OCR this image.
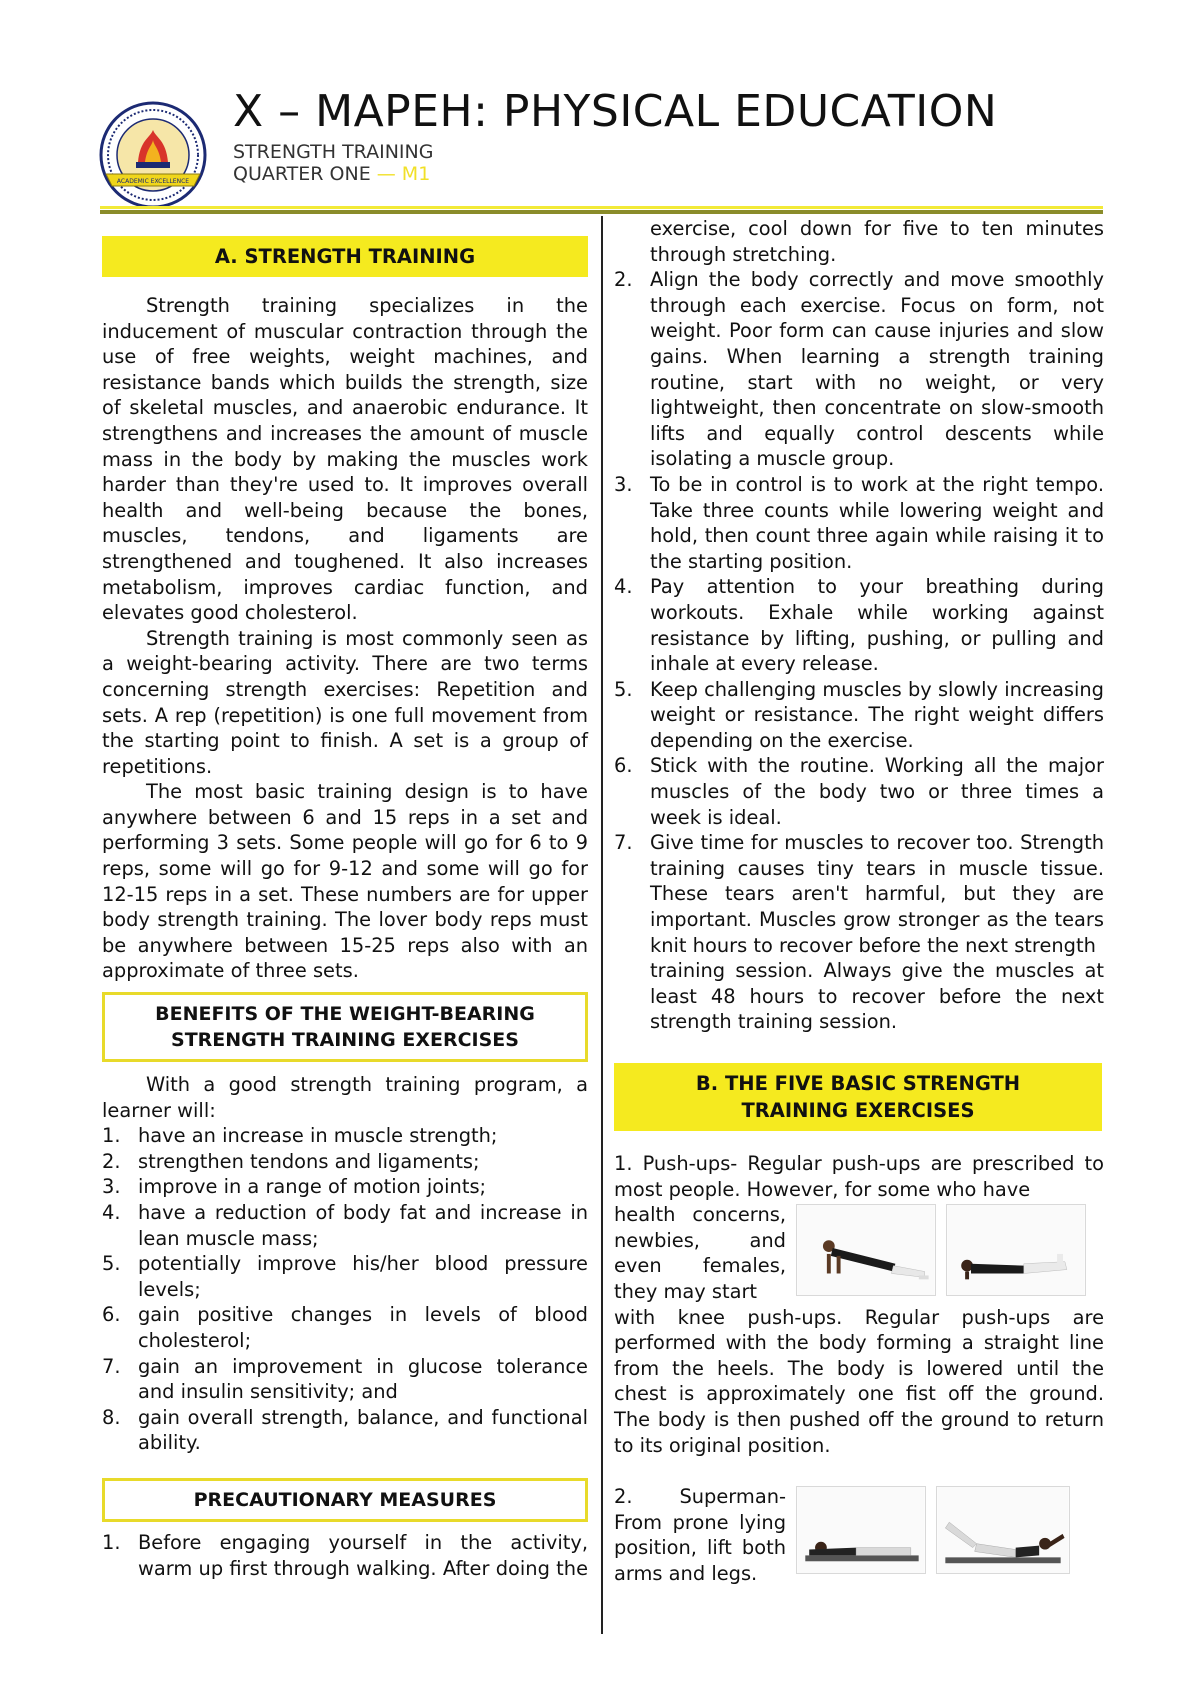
ACADEMIC EXCELLENCE
X – MAPEH: PHYSICAL EDUCATION
STRENGTH TRAINING
QUARTER ONE — M1
A. STRENGTH TRAINING

Strength training specializes in the inducement of muscular contraction through the use of free weights, weight machines, and resistance bands which builds the strength, size of skeletal muscles, and anaerobic endurance. It strengthens and increases the amount of muscle mass in the body by making the muscles work harder than they're used to. It improves overall health and well-being because the bones, muscles, tendons, and ligaments are strengthened and toughened. It also increases metabolism, improves cardiac function, and elevates good cholesterol.

Strength training is most commonly seen as a weight-bearing activity. There are two terms concerning strength exercises: Repetition and sets. A rep (repetition) is one full movement from the starting point to finish. A set is a group of repetitions.

The most basic training design is to have anywhere between 6 and 15 reps in a set and performing 3 sets. Some people will go for 6 to 9 reps, some will go for 9-12 and some will go for 12-15 reps in a set. These numbers are for upper body strength training. The lover body reps must be anywhere between 15-25 reps also with an approximate of three sets.

BENEFITS OF THE WEIGHT-BEARING
STRENGTH TRAINING EXERCISES

With a good strength training program, a learner will:

1. have an increase in muscle strength;
2. strengthen tendons and ligaments;
3. improve in a range of motion joints;
4. have a reduction of body fat and increase in lean muscle mass;
5. potentially improve his/her blood pressure levels;
6. gain positive changes in levels of blood cholesterol;
7. gain an improvement in glucose tolerance and insulin sensitivity; and
8. gain overall strength, balance, and functional ability.
PRECAUTIONARY MEASURES
1. Before engaging yourself in the activity, warm up first through walking. After doing the
exercise, cool down for five to ten minutes through stretching.
2. Align the body correctly and move smoothly through each exercise. Focus on form, not weight. Poor form can cause injuries and slow gains. When learning a strength training routine, start with no weight, or very lightweight, then concentrate on slow-smooth lifts and equally control descents while isolating a muscle group.
3. To be in control is to work at the right tempo. Take three counts while lowering weight and hold, then count three again while raising it to the starting position.
4. Pay attention to your breathing during workouts. Exhale while working against resistance by lifting, pushing, or pulling and inhale at every release.
5. Keep challenging muscles by slowly increasing weight or resistance. The right weight differs depending on the exercise.
6. Stick with the routine. Working all the major muscles of the body two or three times a week is ideal.
7. Give time for muscles to recover too. Strength training causes tiny tears in muscle tissue. These tears aren't harmful, but they are important. Muscles grow stronger as the tears knit hours to recover before the next strength
training session. Always give the muscles at least 48 hours to recover before the next strength training session.
B. THE FIVE BASIC STRENGTH
TRAINING EXERCISES

1. Push-ups- Regular push-ups are prescribed to most people. However, for some who have

health concerns, newbies, and even females, they may start

with knee push-ups. Regular push-ups are performed with the body forming a straight line from the heels. The body is lowered until the chest is approximately one fist off the ground. The body is then pushed off the ground to return to its original position.

2. Superman- From prone lying position, lift both arms and legs.
